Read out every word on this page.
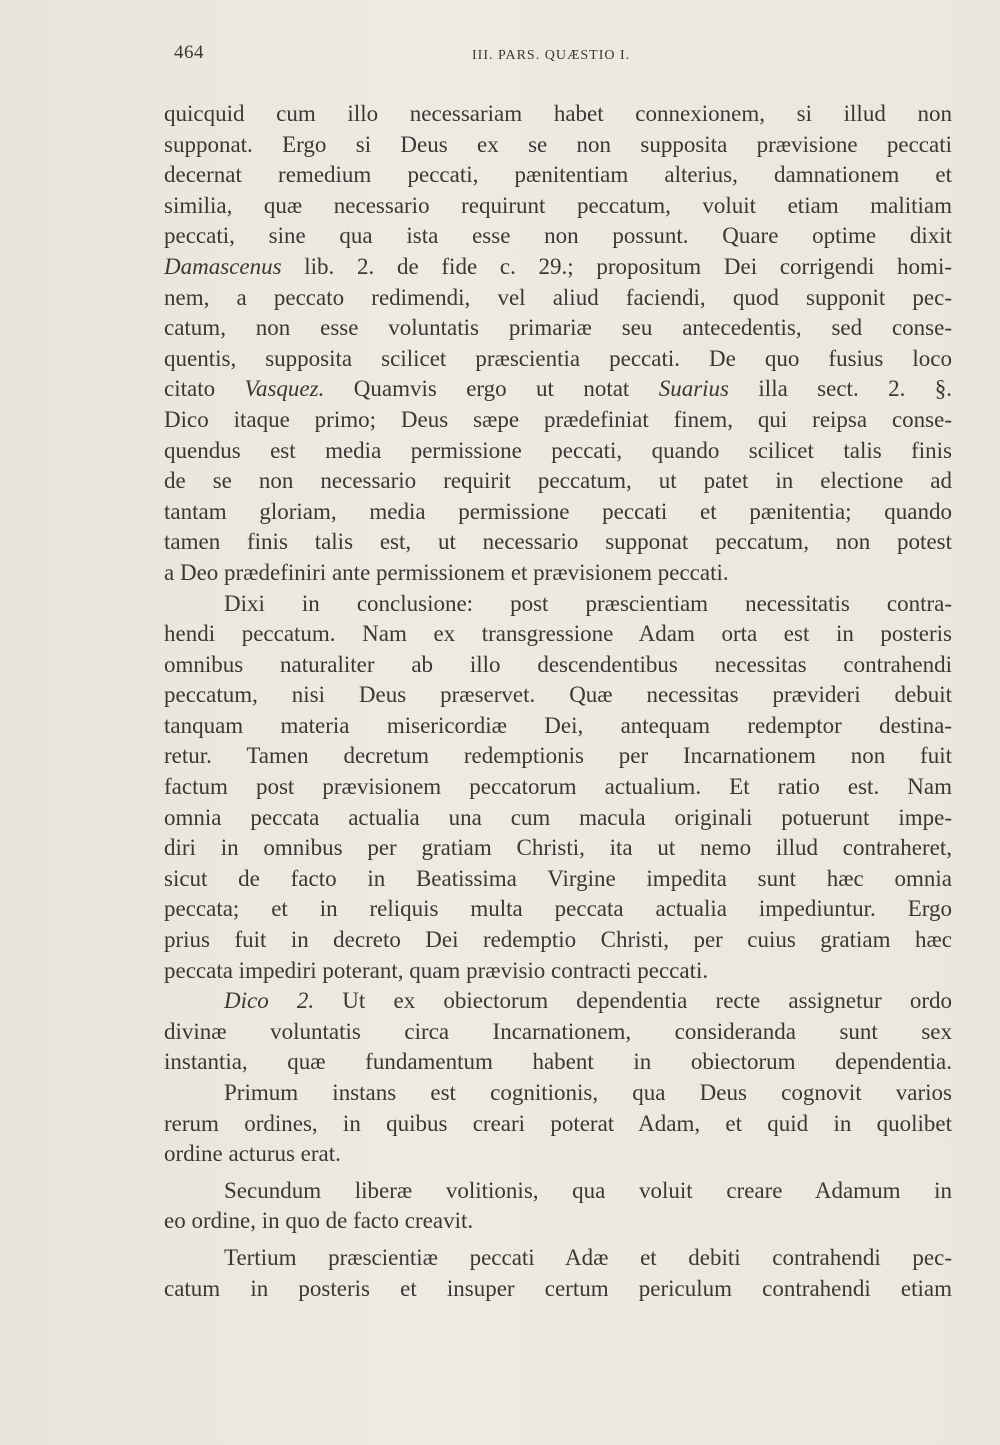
464	III. PARS. QUÆSTIO I.
quicquid cum illo necessariam habet connexionem, si illud non
supponat. Ergo si Deus ex se non supposita prævisione peccati
decernat remedium peccati, pænitentiam alterius, damnationem et
similia, quæ necessario requirunt peccatum, voluit etiam malitiam
peccati, sine qua ista esse non possunt. Quare optime dixit
Damascenus lib. 2. de fide c. 29.; propositum Dei corrigendi homi-
nem, a peccato redimendi, vel aliud faciendi, quod supponit pec-
catum, non esse voluntatis primariæ seu antecedentis, sed conse-
quentis, supposita scilicet præscientia peccati. De quo fusius loco
citato Vasquez. Quamvis ergo ut notat Suarius illa sect. 2. §.
Dico itaque primo; Deus sæpe prædefiniat finem, qui reipsa conse-
quendus est media permissione peccati, quando scilicet talis finis
de se non necessario requirit peccatum, ut patet in electione ad
tantam gloriam, media permissione peccati et pænitentia; quando
tamen finis talis est, ut necessario supponat peccatum, non potest
a Deo prædefiniri ante permissionem et prævisionem peccati.
Dixi in conclusione: post præscientiam necessitatis contra-
hendi peccatum. Nam ex transgressione Adam orta est in posteris
omnibus naturaliter ab illo descendentibus necessitas contrahendi
peccatum, nisi Deus præservet. Quæ necessitas prævideri debuit
tanquam materia misericordiæ Dei, antequam redemptor destina-
retur. Tamen decretum redemptionis per Incarnationem non fuit
factum post prævisionem peccatorum actualium. Et ratio est. Nam
omnia peccata actualia una cum macula originali potuerunt impe-
diri in omnibus per gratiam Christi, ita ut nemo illud contraheret,
sicut de facto in Beatissima Virgine impedita sunt hæc omnia
peccata; et in reliquis multa peccata actualia impediuntur. Ergo
prius fuit in decreto Dei redemptio Christi, per cuius gratiam hæc
peccata impediri poterant, quam prævisio contracti peccati.
Dico 2. Ut ex obiectorum dependentia recte assignetur ordo
divinæ voluntatis circa Incarnationem, consideranda sunt sex
instantia, quæ fundamentum habent in obiectorum dependentia.
Primum instans est cognitionis, qua Deus cognovit varios
rerum ordines, in quibus creari poterat Adam, et quid in quolibet
ordine acturus erat.
Secundum liberæ volitionis, qua voluit creare Adamum in
eo ordine, in quo de facto creavit.
Tertium præscientiæ peccati Adæ et debiti contrahendi pec-
catum in posteris et insuper certum periculum contrahendi etiam
